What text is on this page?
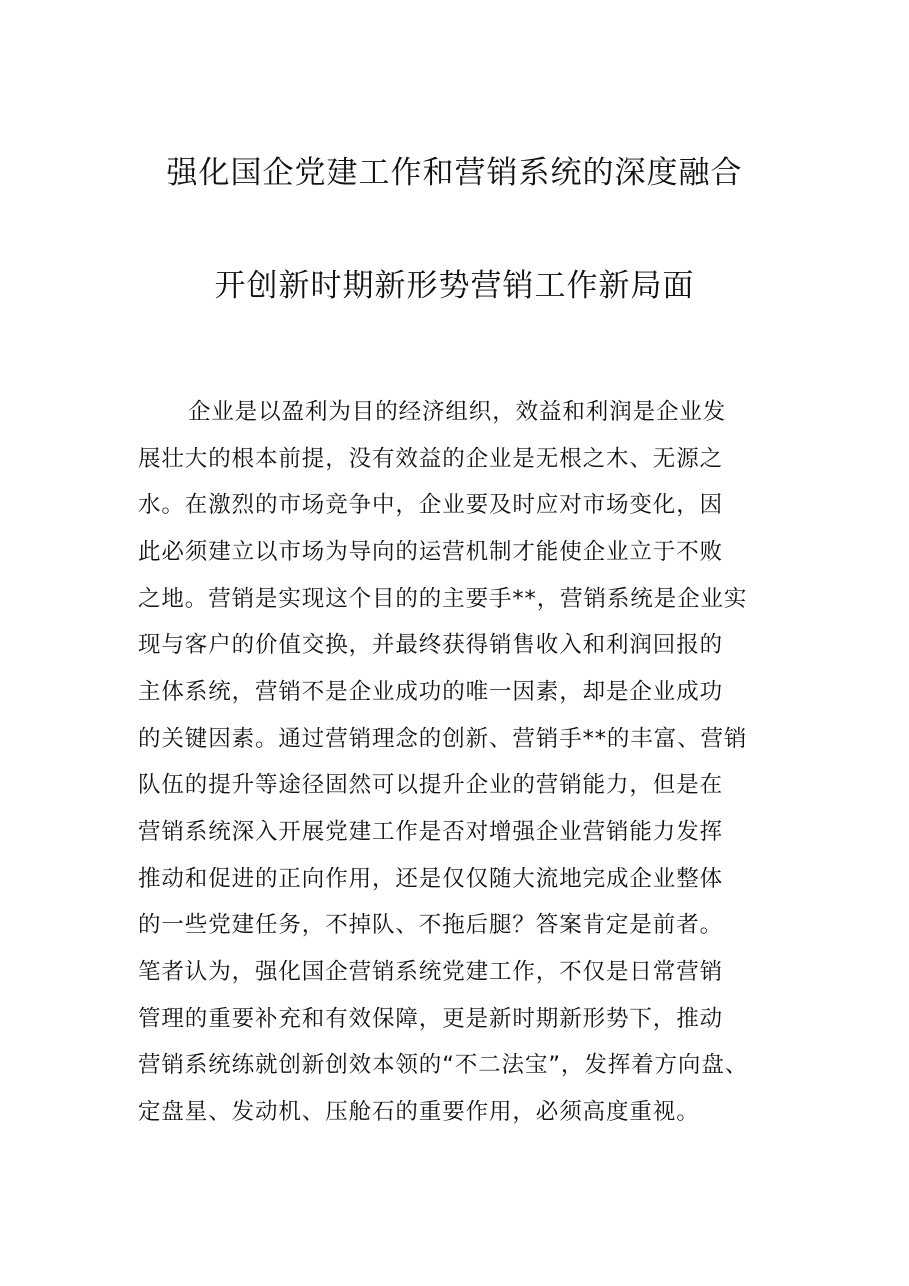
强化国企党建工作和营销系统的深度融合
开创新时期新形势营销工作新局面
企业是以盈利为目的经济组织，效益和利润是企业发
展壮大的根本前提，没有效益的企业是无根之木、无源之
水。在激烈的市场竞争中，企业要及时应对市场变化，因
此必须建立以市场为导向的运营机制才能使企业立于不败
之地。营销是实现这个目的的主要手**，营销系统是企业实
现与客户的价值交换，并最终获得销售收入和利润回报的
主体系统，营销不是企业成功的唯一因素，却是企业成功
的关键因素。通过营销理念的创新、营销手**的丰富、营销
队伍的提升等途径固然可以提升企业的营销能力，但是在
营销系统深入开展党建工作是否对增强企业营销能力发挥
推动和促进的正向作用，还是仅仅随大流地完成企业整体
的一些党建任务，不掉队、不拖后腿？答案肯定是前者。
笔者认为，强化国企营销系统党建工作，不仅是日常营销
管理的重要补充和有效保障，更是新时期新形势下，推动
营销系统练就创新创效本领的“不二法宝”，发挥着方向盘、
定盘星、发动机、压舱石的重要作用，必须高度重视。
